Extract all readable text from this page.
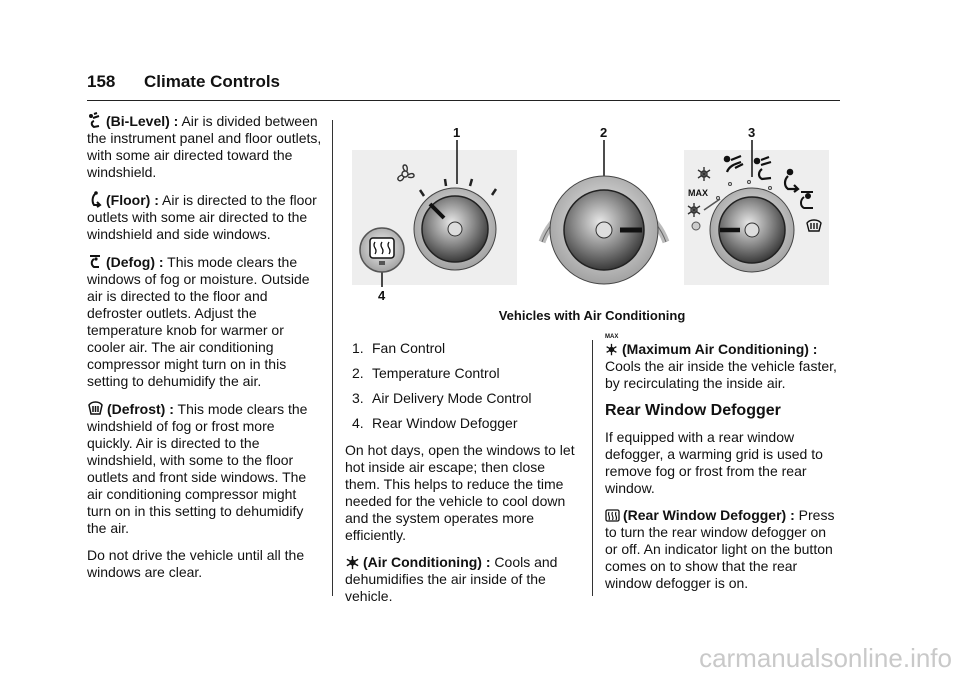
158 Climate Controls

(Bi-Level) : Air is divided between the instrument panel and floor outlets, with some air directed toward the windshield.

(Floor) : Air is directed to the floor outlets with some air directed to the windshield and side windows.

(Defog) : This mode clears the windows of fog or moisture. Outside air is directed to the floor and defroster outlets. Adjust the temperature knob for warmer or cooler air. The air conditioning compressor might turn on in this setting to dehumidify the air.

(Defrost) : This mode clears the windshield of fog or frost more quickly. Air is directed to the windshield, with some to the floor outlets and front side windows. The air conditioning compressor might turn on in this setting to dehumidify the air.

Do not drive the vehicle until all the windows are clear.

MAX
1	2	3
4
Vehicles with Air Conditioning
1. Fan Control
2. Temperature Control
3. Air Delivery Mode Control
4. Rear Window Defogger

On hot days, open the windows to let hot inside air escape; then close them. This helps to reduce the time needed for the vehicle to cool down and the system operates more efficiently.

(Air Conditioning) : Cools and dehumidifies the air inside of the vehicle.

MAX
(Maximum Air Conditioning) : Cools the air inside the vehicle faster, by recirculating the inside air.

Rear Window Defogger

If equipped with a rear window defogger, a warming grid is used to remove fog or frost from the rear window.

(Rear Window Defogger) : Press to turn the rear window defogger on or off. An indicator light on the button comes on to show that the rear window defogger is on.

carmanualsonline.info
